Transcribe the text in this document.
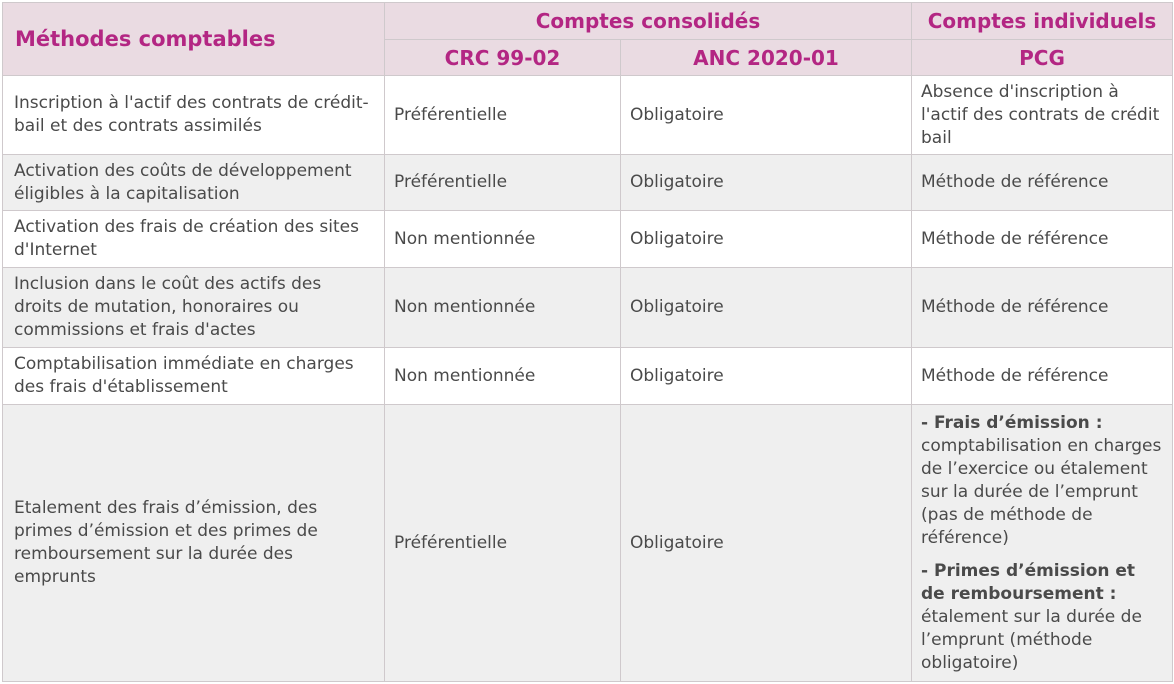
Méthodes comptables	Comptes consolidés		Comptes individuels
	CRC 99-02	ANC 2020-01	PCG
Inscription à l'actif des contrats de crédit-bail et des contrats assimilés	Préférentielle	Obligatoire	Absence d'inscription à l'actif des contrats de crédit bail
Activation des coûts de développement éligibles à la capitalisation	Préférentielle	Obligatoire	Méthode de référence
Activation des frais de création des sites d'Internet	Non mentionnée	Obligatoire	Méthode de référence
Inclusion dans le coût des actifs des droits de mutation, honoraires ou commissions et frais d'actes	Non mentionnée	Obligatoire	Méthode de référence
Comptabilisation immédiate en charges des frais d'établissement	Non mentionnée	Obligatoire	Méthode de référence
Etalement des frais d’émission, des primes d’émission et des primes de remboursement sur la durée des emprunts	Préférentielle	Obligatoire	- Frais d’émission : comptabilisation en charges de l’exercice ou étalement sur la durée de l’emprunt (pas de méthode de référence)
- Primes d’émission et de remboursement : étalement sur la durée de l’emprunt (méthode obligatoire)
